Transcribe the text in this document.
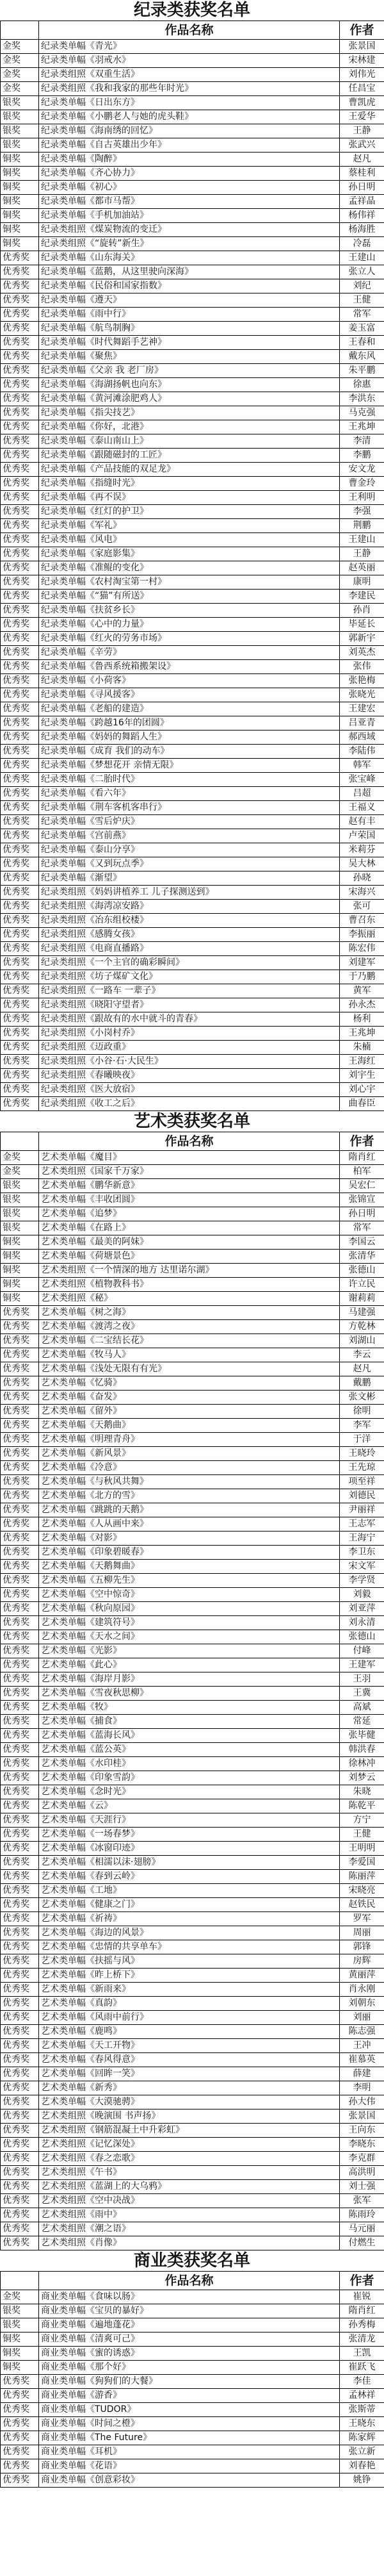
纪录类获奖名单
	作品名称	作者
金奖	纪录类单幅《青光》	张景国
金奖	纪录类单幅《羽戒水》	宋林建
金奖	纪录类组照《双重生活》	刘伟光
金奖	纪录类组照《我和我家的那些年时光》	任昌宝
银奖	纪录类单幅《日出东方》	曹凯虎
银奖	纪录类单幅《小鹏老人与她的虎头鞋》	王爱华
银奖	纪录类单幅《海南绣的回忆》	王静
银奖	纪录类单幅《自古英雄出少年》	张武兴
铜奖	纪录类单幅《陶醉》	赵凡
铜奖	纪录类单幅《齐心协力》	蔡桂利
铜奖	纪录类单幅《初心》	孙日明
铜奖	纪录类单幅《都市马帮》	孟祥晶
铜奖	纪录类单幅《手机加油站》	杨伟祥
铜奖	纪录类组照《煤炭物流的变迁》	杨海胜
铜奖	纪录类组照《“旋转”新生》	冷磊
优秀奖	纪录类单幅《山东海关》	王建山
优秀奖	纪录类单幅《蓝鹅，从这里驶向深海》	张立人
优秀奖	纪录类单幅《民俗和国家指数》	刘纪
优秀奖	纪录类单幅《遵天》	王健
优秀奖	纪录类单幅《雨中行》	常军
优秀奖	纪录类单幅《航鸟制胸》	姜玉富
优秀奖	纪录类单幅《时代舞蹈手艺神》	王春和
优秀奖	纪录类单幅《聚焦》	戴东风
优秀奖	纪录类单幅《父亲 我 老厂房》	朱平鹏
优秀奖	纪录类单幅《海湖扬帆也向东》	徐惠
优秀奖	纪录类单幅《黄河滩涂肥鸡人》	李洪东
优秀奖	纪录类单幅《指尖技艺》	马克强
优秀奖	纪录类单幅《你好，北港》	王兆坤
优秀奖	纪录类单幅《泰山南山上》	李清
优秀奖	纪录类单幅《跟随磁封的工匠》	李鹏
优秀奖	纪录类单幅《产品技能的双足龙》	安文龙
优秀奖	纪录类单幅《指缝时光》	曹金玲
优秀奖	纪录类单幅《再不误》	王利明
优秀奖	纪录类单幅《红灯的护卫》	李强
优秀奖	纪录类单幅《军礼》	荆鹏
优秀奖	纪录类单幅《风电》	王建山
优秀奖	纪录类单幅《家庭影集》	王静
优秀奖	纪录类单幅《准鲲的变化》	赵英丽
优秀奖	纪录类单幅《农村淘宝第一村》	康明
优秀奖	纪录类单幅《“猫”有所送》	李建民
优秀奖	纪录类单幅《扶贫乡长》	孙肖
优秀奖	纪录类单幅《心中的力量》	毕延长
优秀奖	纪录类单幅《红火的劳务市场》	郭新宇
优秀奖	纪录类单幅《辛劳》	刘英杰
优秀奖	纪录类单幅《鲁西系统箱搬架设》	张伟
优秀奖	纪录类单幅《小荷客》	张艳梅
优秀奖	纪录类单幅《寻风援客》	张晓光
优秀奖	纪录类单幅《老船的建造》	王建宏
优秀奖	纪录类单幅《跨越16年的团圆》	吕亚青
优秀奖	纪录类单幅《妈妈的舞蹈人生》	郝西域
优秀奖	纪录类单幅《成育 我们的动车》	李陆伟
优秀奖	纪录类单幅《梦想花开 亲情无限》	韩军
优秀奖	纪录类单幅《二胎时代》	张宝峰
优秀奖	纪录类单幅《看六年》	吕超
优秀奖	纪录类单幅《荆车客机客串行》	王福义
优秀奖	纪录类单幅《雪后炉庆》	赵有丰
优秀奖	纪录类单幅《宫前燕》	卢荣国
优秀奖	纪录类单幅《泰山分享》	米莉芬
优秀奖	纪录类单幅《又到玩点季》	吴大林
优秀奖	纪录类单幅《渐望》	孙晓
优秀奖	纪录类组照《妈妈讲植养工 儿子探测送到》	宋海兴
优秀奖	纪录类组照《海湾凉安路》	张可
优秀奖	纪录类组照《冶东组校楼》	曹召东
优秀奖	纪录类组照《感腾女孩》	李振丽
优秀奖	纪录类组照《电商直播路》	陈宏伟
优秀奖	纪录类组照《一个主官的确彩瞬间》	刘建军
优秀奖	纪录类组照《坊子煤矿文化》	于乃鹏
优秀奖	纪录类组照《一路车 一辈子》	黄军
优秀奖	纪录类组照《晓阳守望者》	孙永杰
优秀奖	纪录类组照《跟故有的水中就斗的青春》	杨利
优秀奖	纪录类组照《小岗村乔》	王兆坤
优秀奖	纪录类组照《迈政重》	朱楠
优秀奖	纪录类组照《小谷·石·大民生》	王海红
优秀奖	纪录类组照《春曦映夜》	刘宇生
优秀奖	纪录类组照《医大放宿》	刘心宇
优秀奖	纪录类组照《收工之后》	曲春臣
艺术类获奖名单
	作品名称	作者
金奖	艺术类单幅《魔目》	隋肖红
金奖	艺术类组照《国家千万家》	柏军
银奖	艺术类单幅《鹏华新意》	吴宏仁
银奖	艺术类单幅《丰收团圆》	张锦宣
银奖	艺术类单幅《追梦》	孙日明
银奖	艺术类单幅《在路上》	常军
铜奖	艺术类单幅《最美的阿妹》	李国云
铜奖	艺术类单幅《荷塘景色》	张清华
铜奖	艺术类组照《一个情深的地方 达里诺尔湖》	张德山
铜奖	艺术类组照《植物教科书》	许立民
铜奖	艺术类组照《秘》	谢莉莉
优秀奖	艺术类单幅《树之海》	马建强
优秀奖	艺术类单幅《渡湾之夜》	方乾林
优秀奖	艺术类单幅《二宝结长花》	刘湖山
优秀奖	艺术类单幅《牧马人》	李云
优秀奖	艺术类单幅《浅处无限有有光》	赵凡
优秀奖	艺术类单幅《忆骑》	戴鹏
优秀奖	艺术类单幅《奋发》	张文彬
优秀奖	艺术类单幅《留外》	徐明
优秀奖	艺术类单幅《天鹅曲》	李军
优秀奖	艺术类单幅《明理青舟》	于洋
优秀奖	艺术类单幅《新风景》	王晓玲
优秀奖	艺术类单幅《冷意》	王先琼
优秀奖	艺术类单幅《与秋风共舞》	项至祥
优秀奖	艺术类单幅《北方的雪》	刘德民
优秀奖	艺术类单幅《跳跳的天鹅》	尹丽祥
优秀奖	艺术类单幅《人从画中来》	王志军
优秀奖	艺术类单幅《对影》	王海宁
优秀奖	艺术类单幅《印象碧暖春》	李卫东
优秀奖	艺术类单幅《天鹅舞曲》	宋文军
优秀奖	艺术类单幅《五柳先生》	李学贤
优秀奖	艺术类单幅《空中惊奇》	刘毅
优秀奖	艺术类单幅《秋向原园》	刘亚萍
优秀奖	艺术类单幅《建筑符号》	刘永清
优秀奖	艺术类单幅《天水之间》	张德山
优秀奖	艺术类单幅《光影》	付峰
优秀奖	艺术类单幅《此心》	王建军
优秀奖	艺术类单幅《海岸月影》	王羽
优秀奖	艺术类单幅《雪夜秋思柳》	王冀
优秀奖	艺术类单幅《牧》	高斌
优秀奖	艺术类单幅《捕食》	常延
优秀奖	艺术类单幅《蓝海长风》	张毕健
优秀奖	艺术类单幅《蓝公英》	韩洪春
优秀奖	艺术类单幅《水印桂》	徐林冲
优秀奖	艺术类单幅《印象雪韵》	刘梦云
优秀奖	艺术类单幅《念时光》	朱晓
优秀奖	艺术类单幅《云》	陈乾平
优秀奖	艺术类单幅《天涯行》	方宁
优秀奖	艺术类单幅《一场春梦》	王健
优秀奖	艺术类单幅《冰窗印迹》	王明明
优秀奖	艺术类单幅《相濡以沫·翅膀》	李爱国
优秀奖	艺术类单幅《春到云岭》	陈丽萍
优秀奖	艺术类单幅《工地》	宋晓亮
优秀奖	艺术类单幅《健康之门》	赵铁民
优秀奖	艺术类单幅《祈祷》	罗军
优秀奖	艺术类单幅《海边的风景》	周丽
优秀奖	艺术类单幅《忠情的共享单车》	郭锋
优秀奖	艺术类单幅《扶摇与风》	房辉
优秀奖	艺术类单幅《昨上桥下》	黄丽萍
优秀奖	艺术类单幅《新雨来》	肖永刚
优秀奖	艺术类单幅《真韵》	刘朝东
优秀奖	艺术类单幅《风雨中前行》	刘丽
优秀奖	艺术类单幅《鹿鸣》	陈志强
优秀奖	艺术类单幅《天工开物》	王冲
优秀奖	艺术类单幅《春风得意》	崔慕英
优秀奖	艺术类单幅《回眸一笑》	薛建
优秀奖	艺术类单幅《新秀》	李明
优秀奖	艺术类单幅《大漠驰骋》	孙大伟
优秀奖	艺术类组照《晚演围 书声扬》	张景国
优秀奖	艺术类组照《钢筋混凝土中升彩虹》	王向东
优秀奖	艺术类组照《记忆深处》	李晓东
优秀奖	艺术类组照《春之恋歌》	李克群
优秀奖	艺术类组照《午书》	高洪明
优秀奖	艺术类组照《蓝湖上的大乌鸦》	刘士强
优秀奖	艺术类组照《空中决战》	张军
优秀奖	艺术类组照《雨中》	陈雨玲
优秀奖	艺术类组照《潮之语》	马元丽
优秀奖	艺术类组照《肖像》	付燃生
商业类获奖名单
	作品名称	作者
金奖	商业类单幅《食味以肠》	崔锐
银奖	商业类单幅《宝贝的暴好》	隋肖红
银奖	商业类单幅《遍地蓬花》	孙秀梅
铜奖	商业类单幅《清爽可己》	张清龙
铜奖	商业类单幅《蜜的诱惑》	王凯
铜奖	商业类单幅《那个好》	崔跃飞
优秀奖	商业类单幅《狗狗们的大餐》	李佳
优秀奖	商业类单幅《游香》	孟林祥
优秀奖	商业类单幅《TUDOR》	张斯蒂
优秀奖	商业类单幅《时间之橙》	王晓东
优秀奖	商业类单幅《The Future》	陈家辉
优秀奖	商业类单幅《耳机》	张立新
优秀奖	商业类单幅《花语》	刘春艳
优秀奖	商业类单幅《创意彩妆》	姚铮
